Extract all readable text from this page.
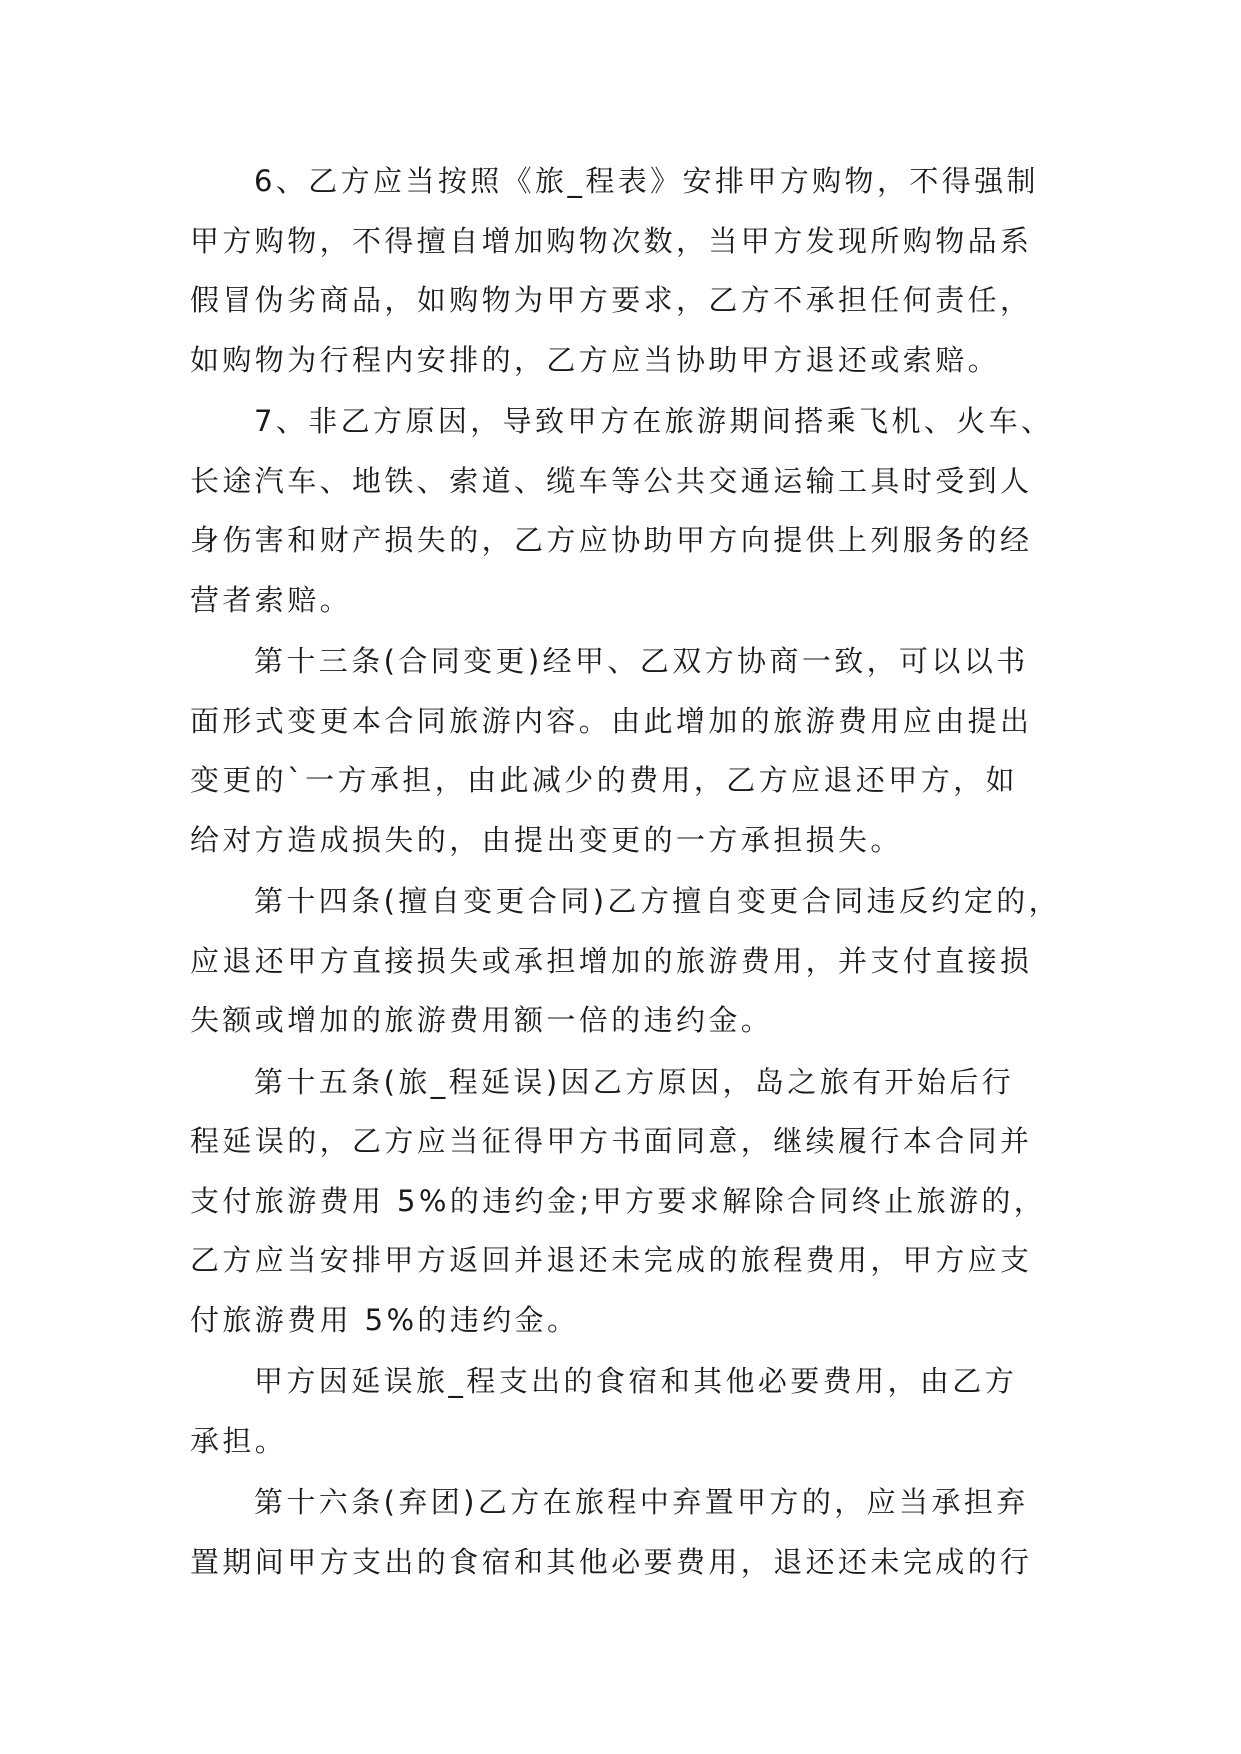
6、乙方应当按照《旅_程表》安排甲方购物，不得强制
甲方购物，不得擅自增加购物次数，当甲方发现所购物品系
假冒伪劣商品，如购物为甲方要求，乙方不承担任何责任，
如购物为行程内安排的，乙方应当协助甲方退还或索赔。
7、非乙方原因，导致甲方在旅游期间搭乘飞机、火车、
长途汽车、地铁、索道、缆车等公共交通运输工具时受到人
身伤害和财产损失的，乙方应协助甲方向提供上列服务的经
营者索赔。
第十三条(合同变更)经甲、乙双方协商一致，可以以书
面形式变更本合同旅游内容。由此增加的旅游费用应由提出
变更的`一方承担，由此减少的费用，乙方应退还甲方，如
给对方造成损失的，由提出变更的一方承担损失。
第十四条(擅自变更合同)乙方擅自变更合同违反约定的，
应退还甲方直接损失或承担增加的旅游费用，并支付直接损
失额或增加的旅游费用额一倍的违约金。
第十五条(旅_程延误)因乙方原因，岛之旅有开始后行
程延误的，乙方应当征得甲方书面同意，继续履行本合同并
支付旅游费用 5%的违约金;甲方要求解除合同终止旅游的，
乙方应当安排甲方返回并退还未完成的旅程费用，甲方应支
付旅游费用 5%的违约金。
甲方因延误旅_程支出的食宿和其他必要费用，由乙方
承担。
第十六条(弃团)乙方在旅程中弃置甲方的，应当承担弃
置期间甲方支出的食宿和其他必要费用，退还还未完成的行
